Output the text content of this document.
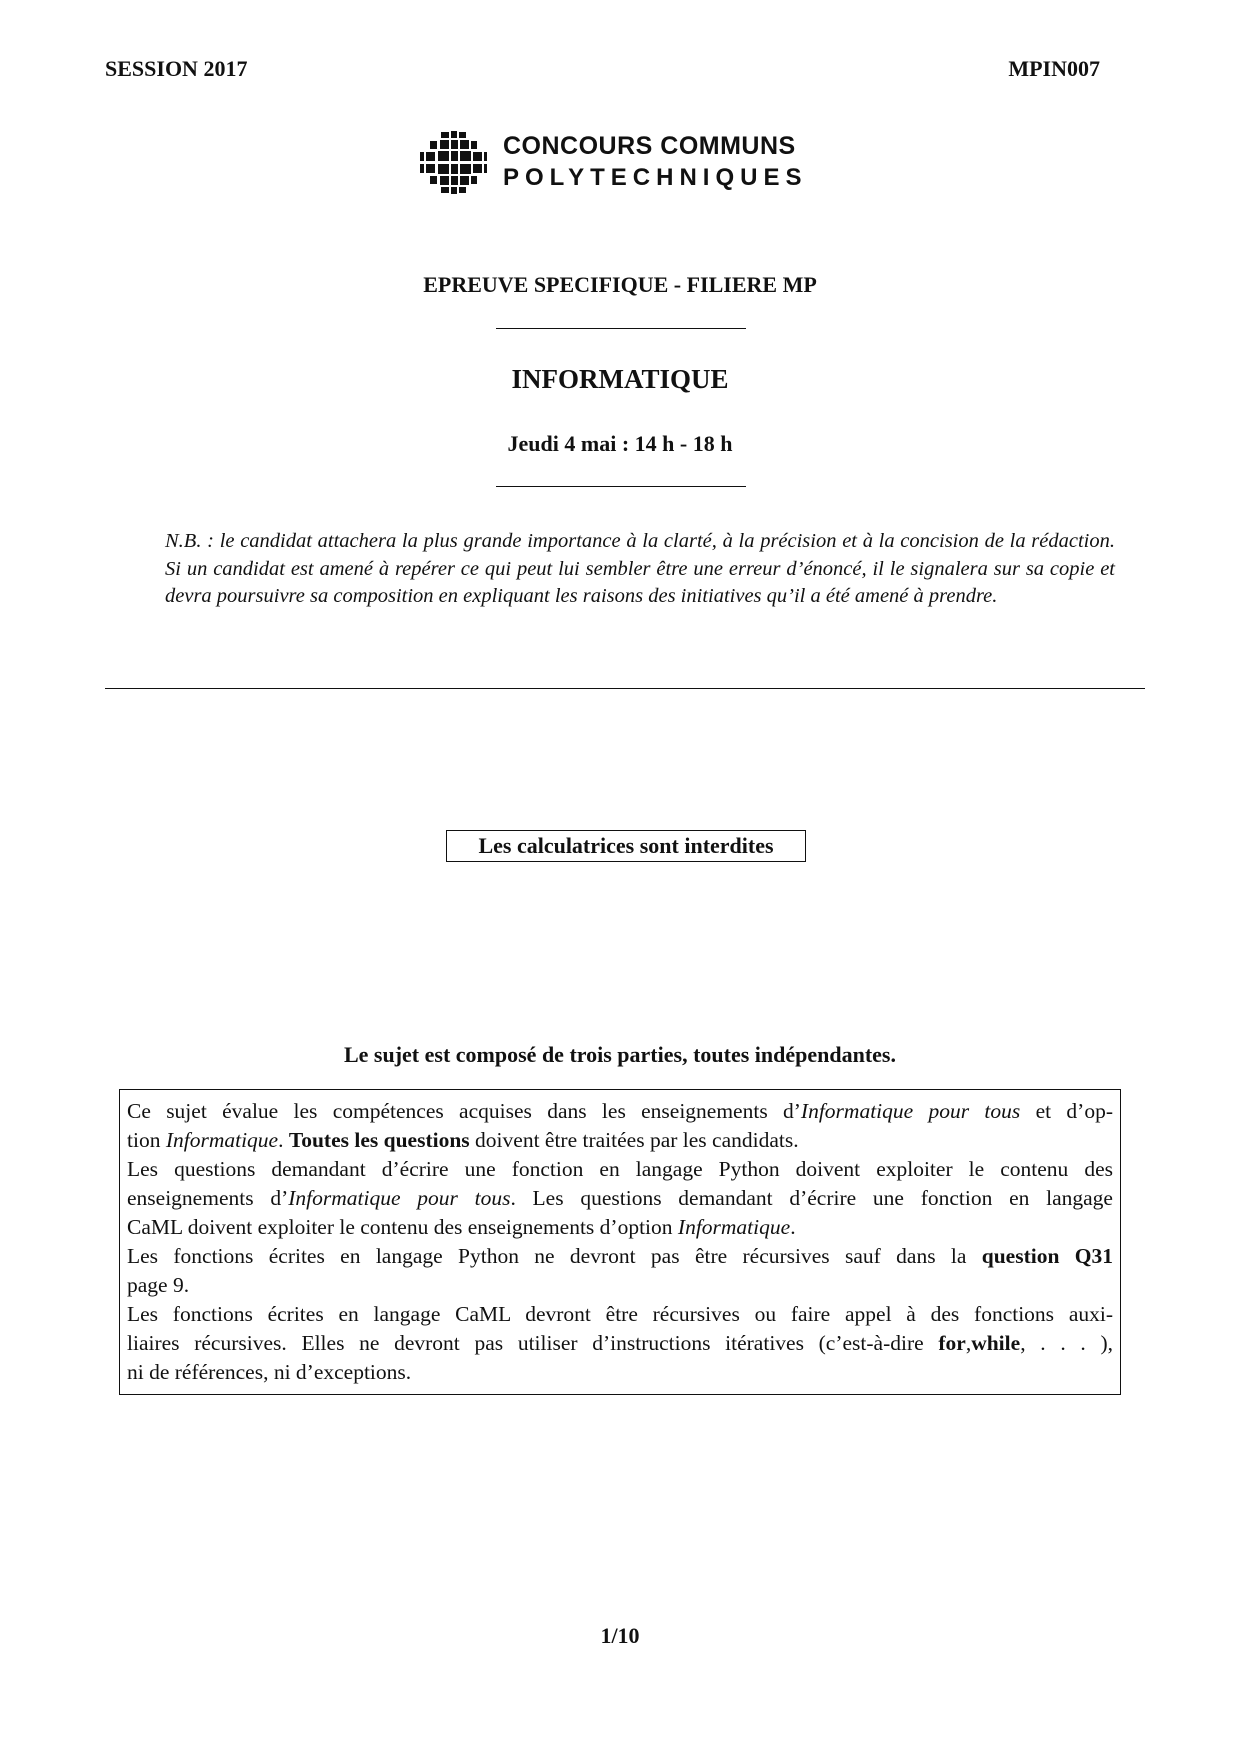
SESSION 2017	MPIN007
CONCOURS COMMUNS
POLYTECHNIQUES
EPREUVE SPECIFIQUE - FILIERE MP
INFORMATIQUE
Jeudi 4 mai : 14 h - 18 h
N.B. : le candidat attachera la plus grande importance à la clarté, à la précision et à la concision de la rédaction. Si un candidat est amené à repérer ce qui peut lui sembler être une erreur d’énoncé, il le signalera sur sa copie et devra poursuivre sa composition en expliquant les raisons des initiatives qu’il a été amené à prendre.
Les calculatrices sont interdites
Le sujet est composé de trois parties, toutes indépendantes.
Ce sujet évalue les compétences acquises dans les enseignements d’Informatique pour tous et d’op-
tion Informatique. Toutes les questions doivent être traitées par les candidats.
Les questions demandant d’écrire une fonction en langage Python doivent exploiter le contenu des
enseignements d’Informatique pour tous. Les questions demandant d’écrire une fonction en langage
CaML doivent exploiter le contenu des enseignements d’option Informatique.
Les fonctions écrites en langage Python ne devront pas être récursives sauf dans la question Q31
page 9.
Les fonctions écrites en langage CaML devront être récursives ou faire appel à des fonctions auxi-
liaires récursives. Elles ne devront pas utiliser d’instructions itératives (c’est-à-dire for,while, . . . ),
ni de références, ni d’exceptions.
1/10
